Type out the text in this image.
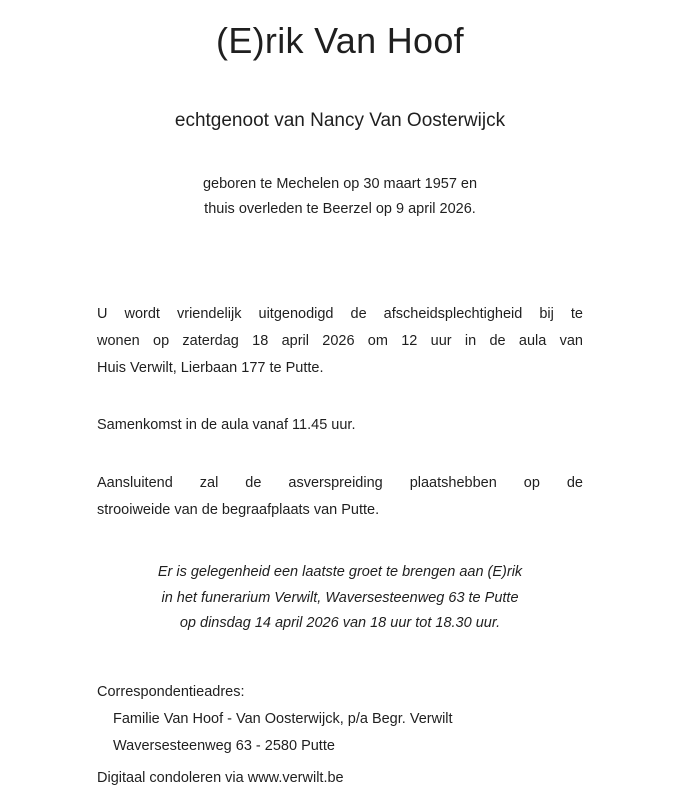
(E)rik Van Hoof

echtgenoot van Nancy Van Oosterwijck

geboren te Mechelen op 30 maart 1957 en
thuis overleden te Beerzel op 9 april 2026.

U wordt vriendelijk uitgenodigd de afscheidsplechtigheid bij te
wonen op zaterdag 18 april 2026 om 12 uur in de aula van
Huis Verwilt, Lierbaan 177 te Putte.

Samenkomst in de aula vanaf 11.45 uur.

Aansluitend zal de asverspreiding plaatshebben op de
strooiweide van de begraafplaats van Putte.

Er is gelegenheid een laatste groet te brengen aan (E)rik
in het funerarium Verwilt, Waversesteenweg 63 te Putte
op dinsdag 14 april 2026 van 18 uur tot 18.30 uur.

Correspondentieadres:
Familie Van Hoof - Van Oosterwijck, p/a Begr. Verwilt
Waversesteenweg 63 - 2580 Putte

Digitaal condoleren via www.verwilt.be
